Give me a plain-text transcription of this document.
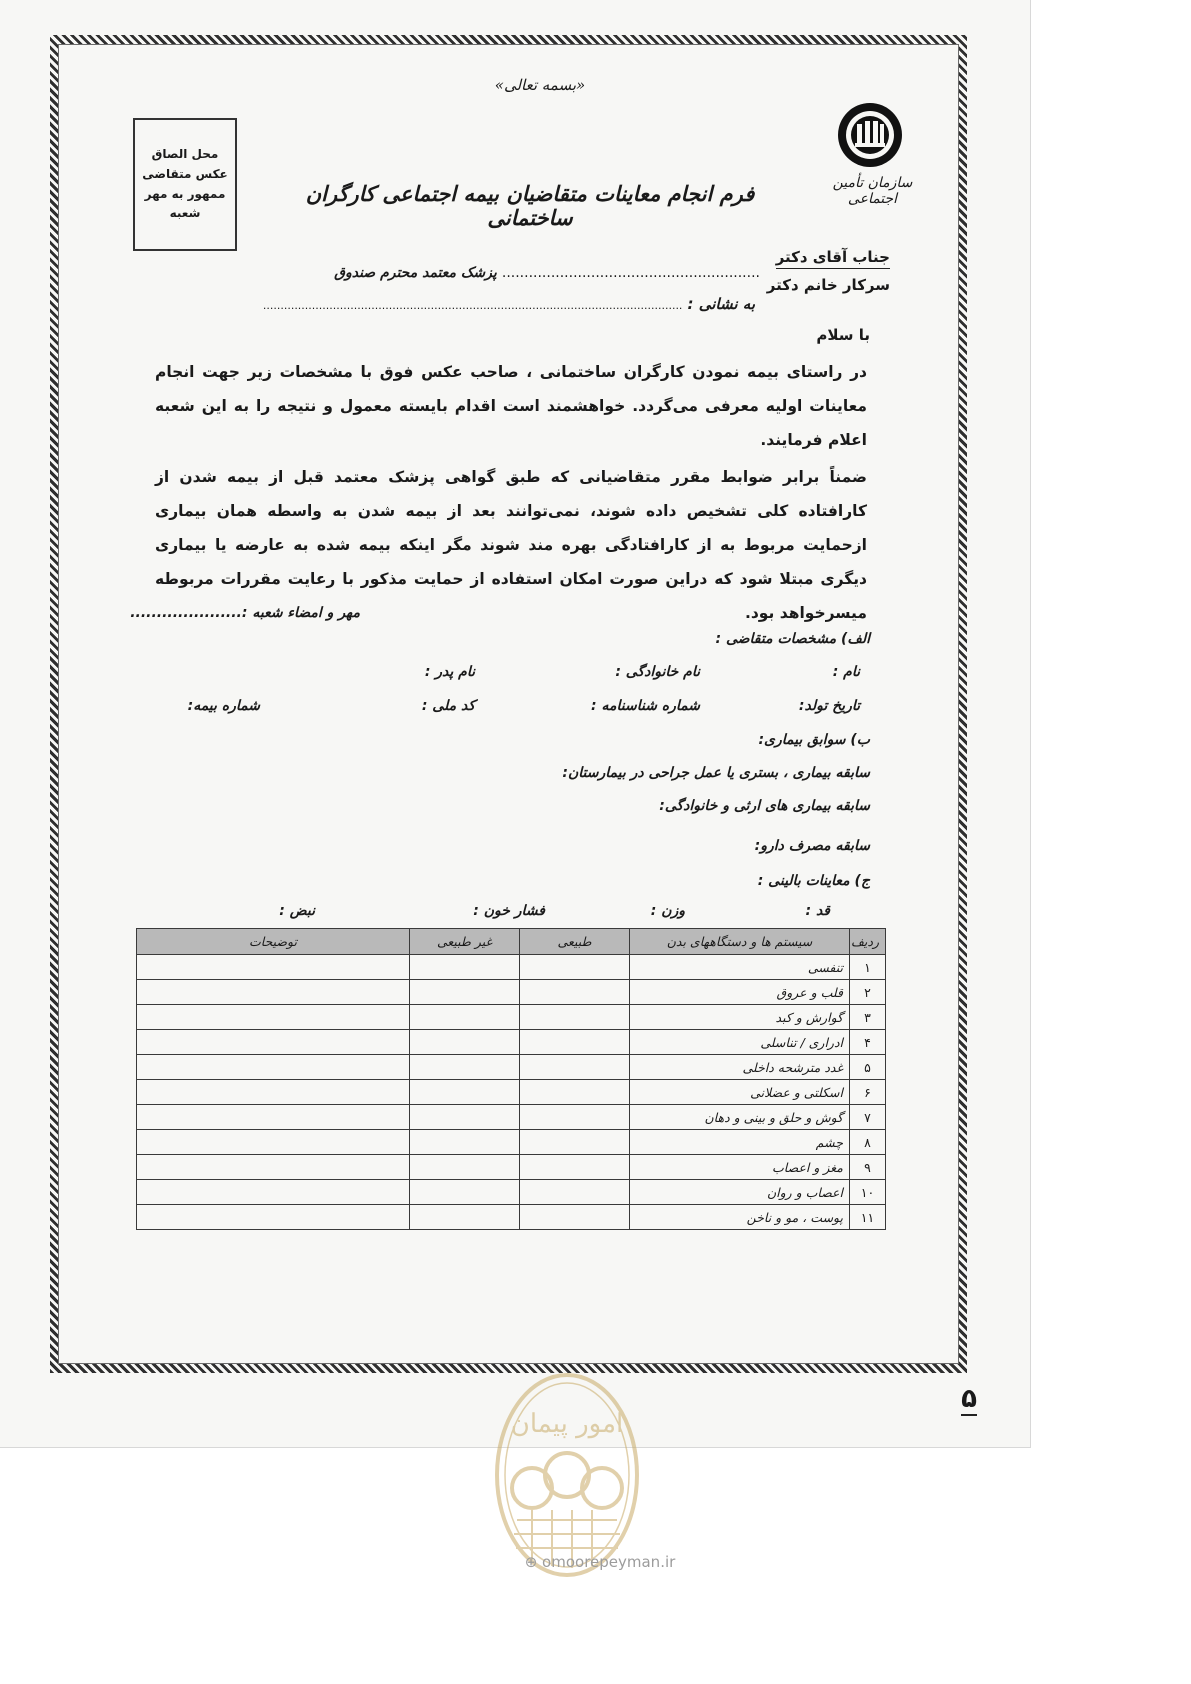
«بسمه تعالی»
سازمان تأمین اجتماعی
محل الصاق
عکس متقاضی
ممهور به مهر
شعبه
فرم انجام معاینات متقاضیان بیمه اجتماعی کارگران ساختمانی
جناب آقای دکتر
سرکار خانم دکتر
.......................................................... پزشک معتمد محترم صندوق
به نشانی : ........................................................................................................................
با سلام
در راستای بیمه نمودن کارگران ساختمانی ، صاحب عکس فوق با مشخصات زیر جهت انجام معاینات اولیه معرفی می‌گردد. خواهشمند است اقدام بایسته معمول و نتیجه را به این شعبه اعلام فرمایند.
ضمناً برابر ضوابط مقرر متقاضیانی که طبق گواهی پزشک معتمد قبل از بیمه شدن از کارافتاده کلی تشخیص داده شوند، نمی‌توانند بعد از بیمه شدن به واسطه همان بیماری ازحمایت مربوط به از کارافتادگی بهره مند شوند مگر اینکه بیمه شده به عارضه یا بیماری دیگری مبتلا شود که دراین صورت امکان استفاده از حمایت مذکور با رعایت مقررات مربوطه میسرخواهد بود.
مهر و امضاء شعبه :.....................
الف) مشخصات متقاضی :
نام :
نام خانوادگی :
نام پدر :
تاریخ تولد:
شماره شناسنامه :
کد ملی :
شماره بیمه:
ب) سوابق بیماری:
سابقه بیماری ، بستری یا عمل جراحی در بیمارستان:
سابقه بیماری های ارثی و خانوادگی:
سابقه مصرف دارو:
ج) معاینات بالینی :
قد :
وزن :
فشار خون :
نبض :
ردیف	سیستم ها و دستگاههای بدن	طبیعی	غیر طبیعی	توضیحات
۱	تنفسی			
۲	قلب و عروق			
۳	گوارش و کبد			
۴	ادراری / تناسلی			
۵	غدد مترشحه داخلی			
۶	اسکلتی و عضلانی			
۷	گوش و حلق و بینی و دهان			
۸	چشم			
۹	مغز و اعصاب			
۱۰	اعصاب و روان			
۱۱	پوست ، مو و ناخن			
۵
امور پیمان
⊕ omoorepeyman.ir
